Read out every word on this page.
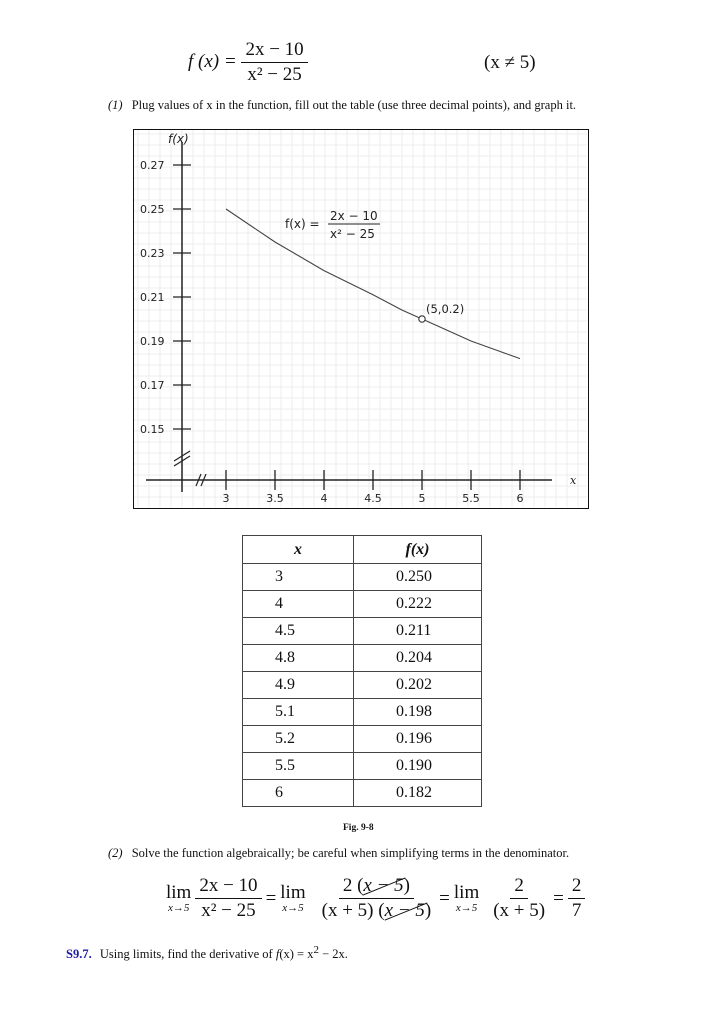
f $(x) = \frac{2x - 10}{\text{x² − 25}}$	(x ≠ 5)
(1) Plug values of x in the function, fill out the table (use three decimal points), and graph it.
f(x)
x
0.27
0.25
0.23
0.21
0.19
0.17
0.15
3	3.5	4	4.5	5	5.5	6
(5,0.2)
f(x) =
2x − 10
x² − 25
x	f(x)
3	0.250
4	0.222
4.5	0.211
4.8	0.204
4.9	0.202
5.1	0.198
5.2	0.196
5.5	0.190
6	0.182
Fig. 9-8
(2) Solve the function algebraically; be careful when simplifying terms in the denominator.
lim
$x\to 5 \frac{2x - 10}{\text{x² − 25}} = \lim$
$x\to 5 \frac{2 (x - 5)}{(x + 5) (x - 5)} = \lim$
$x\to 5 \frac{2}{(x + 5)} = \frac{2}{7}$
S9.7. Using limits, find the derivative of $f(x) = x^2 - 2x$.
